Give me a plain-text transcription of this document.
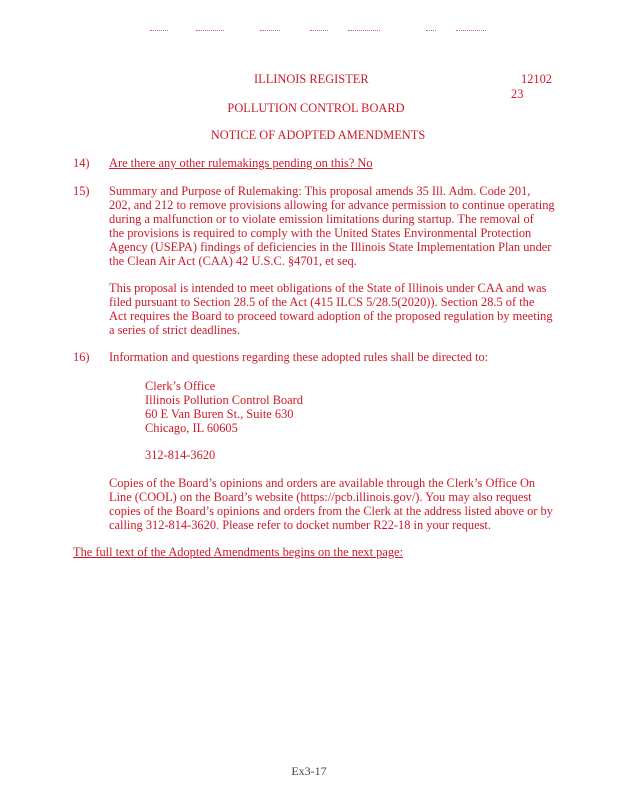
ILLINOIS REGISTER	12102
23
POLLUTION CONTROL BOARD
NOTICE OF ADOPTED AMENDMENTS
14) Are there any other rulemakings pending on this? No
15) Summary and Purpose of Rulemaking: This proposal amends 35 Ill. Adm. Code 201,
202, and 212 to remove provisions allowing for advance permission to continue operating
during a malfunction or to violate emission limitations during startup. The removal of
the provisions is required to comply with the United States Environmental Protection
Agency (USEPA) findings of deficiencies in the Illinois State Implementation Plan under
the Clean Air Act (CAA) 42 U.S.C. §4701, et seq.
This proposal is intended to meet obligations of the State of Illinois under CAA and was
filed pursuant to Section 28.5 of the Act (415 ILCS 5/28.5(2020)). Section 28.5 of the
Act requires the Board to proceed toward adoption of the proposed regulation by meeting
a series of strict deadlines.
16) Information and questions regarding these adopted rules shall be directed to:
Clerk’s Office
Illinois Pollution Control Board
60 E Van Buren St., Suite 630
Chicago, IL 60605
312-814-3620
Copies of the Board’s opinions and orders are available through the Clerk’s Office On
Line (COOL) on the Board’s website (https://pcb.illinois.gov/). You may also request
copies of the Board’s opinions and orders from the Clerk at the address listed above or by
calling 312-814-3620. Please refer to docket number R22-18 in your request.
The full text of the Adopted Amendments begins on the next page:
Ex3-17
